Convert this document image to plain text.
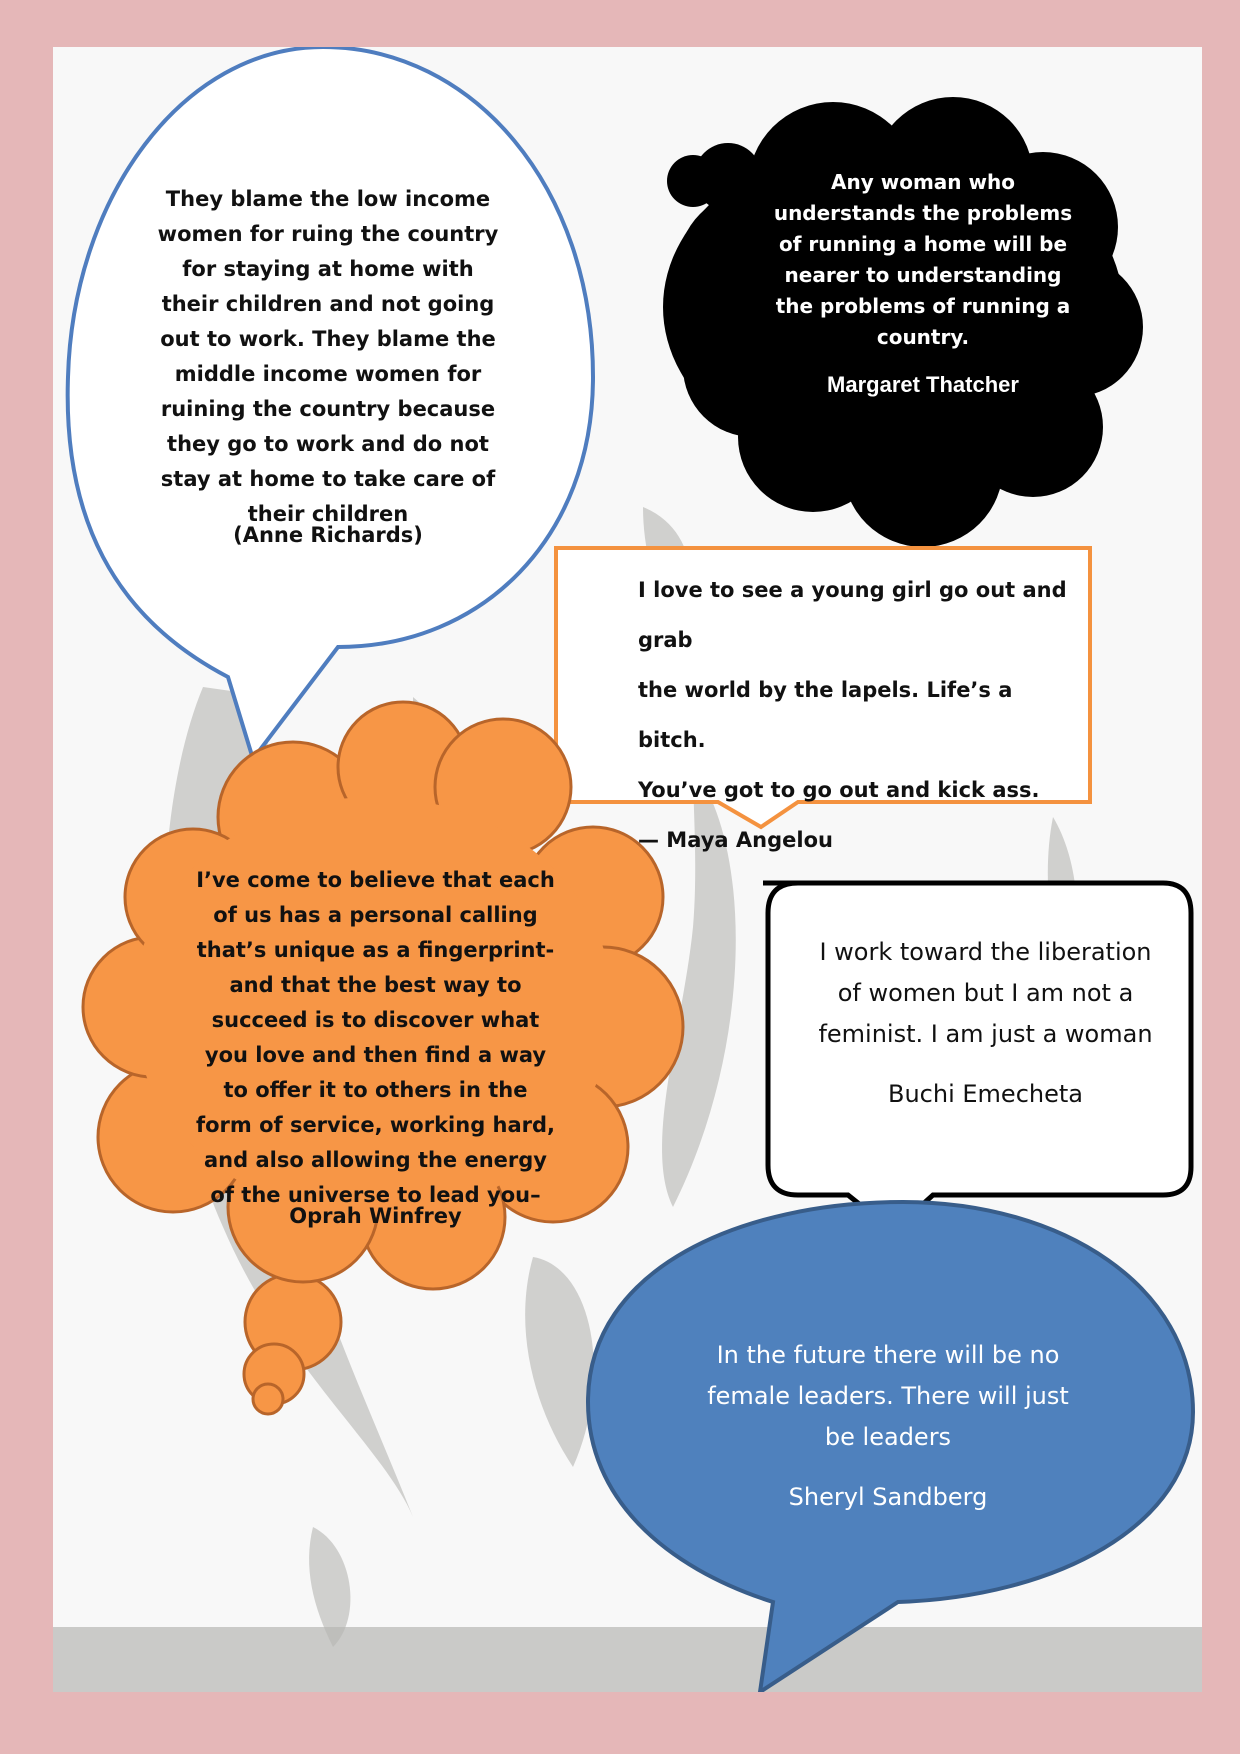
They blame the low income women for ruing the country for staying at home with their children and not going out to work. They blame the middle income women for ruining the country because they go to work and do not stay at home to take care of their children

(Anne Richards)

Any woman who understands the problems of running a home will be nearer to understanding the problems of running a country.

Margaret Thatcher

I love to see a young girl go out and grab
the world by the lapels. Life’s a bitch.
You’ve got to go out and kick ass.
— Maya Angelou

I’ve come to believe that each of us has a personal calling that’s unique as a fingerprint- and that the best way to succeed is to discover what you love and then find a way to offer it to others in the form of service, working hard, and also allowing the energy of the universe to lead you–

Oprah Winfrey

I work toward the liberation of women but I am not a feminist. I am just a woman

Buchi Emecheta

In the future there will be no female leaders. There will just be leaders

Sheryl Sandberg
